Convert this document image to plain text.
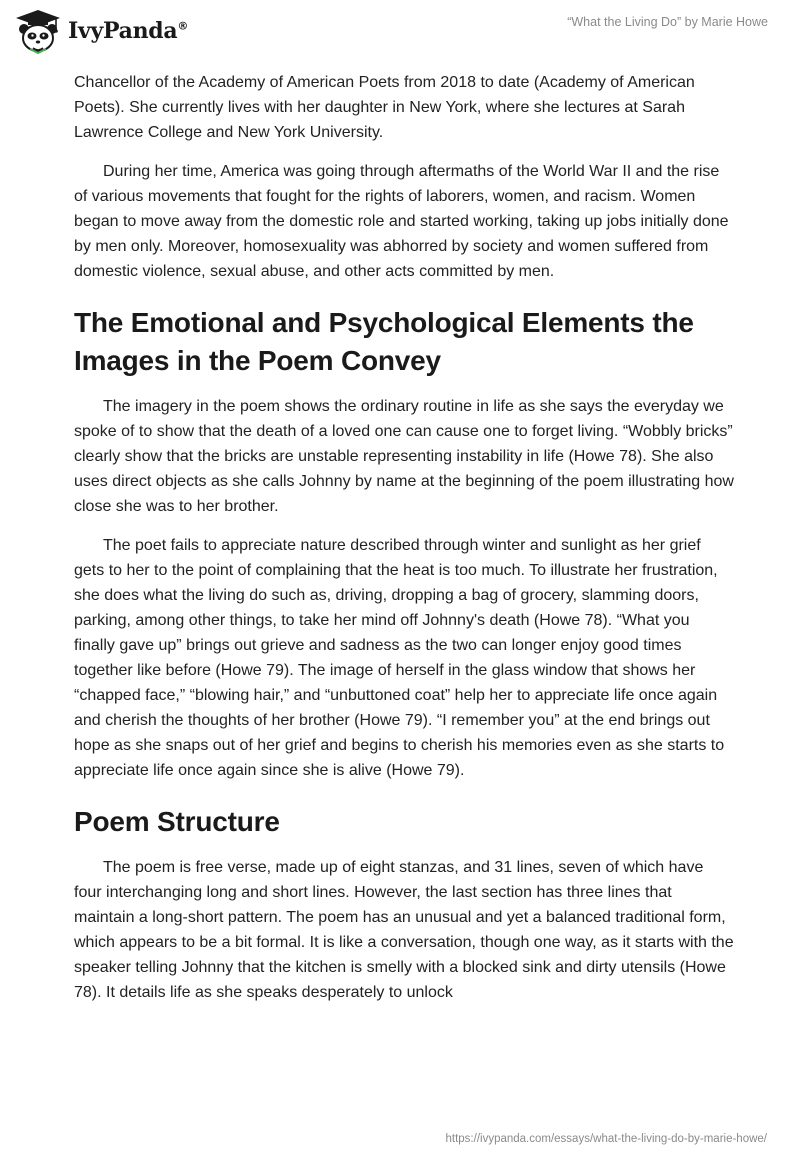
IvyPanda®	“What the Living Do” by Marie Howe

Chancellor of the Academy of American Poets from 2018 to date (Academy of American Poets). She currently lives with her daughter in New York, where she lectures at Sarah Lawrence College and New York University.

During her time, America was going through aftermaths of the World War II and the rise of various movements that fought for the rights of laborers, women, and racism. Women began to move away from the domestic role and started working, taking up jobs initially done by men only. Moreover, homosexuality was abhorred by society and women suffered from domestic violence, sexual abuse, and other acts committed by men.

The Emotional and Psychological Elements the Images in the Poem Convey

The imagery in the poem shows the ordinary routine in life as she says the everyday we spoke of to show that the death of a loved one can cause one to forget living. “Wobbly bricks” clearly show that the bricks are unstable representing instability in life (Howe 78). She also uses direct objects as she calls Johnny by name at the beginning of the poem illustrating how close she was to her brother.

The poet fails to appreciate nature described through winter and sunlight as her grief gets to her to the point of complaining that the heat is too much. To illustrate her frustration, she does what the living do such as, driving, dropping a bag of grocery, slamming doors, parking, among other things, to take her mind off Johnny's death (Howe 78). “What you finally gave up” brings out grieve and sadness as the two can longer enjoy good times together like before (Howe 79). The image of herself in the glass window that shows her “chapped face,” “blowing hair,” and “unbuttoned coat” help her to appreciate life once again and cherish the thoughts of her brother (Howe 79). “I remember you” at the end brings out hope as she snaps out of her grief and begins to cherish his memories even as she starts to appreciate life once again since she is alive (Howe 79).

Poem Structure

The poem is free verse, made up of eight stanzas, and 31 lines, seven of which have four interchanging long and short lines. However, the last section has three lines that maintain a long-short pattern. The poem has an unusual and yet a balanced traditional form, which appears to be a bit formal. It is like a conversation, though one way, as it starts with the speaker telling Johnny that the kitchen is smelly with a blocked sink and dirty utensils (Howe 78). It details life as she speaks desperately to unlock

https://ivypanda.com/essays/what-the-living-do-by-marie-howe/
